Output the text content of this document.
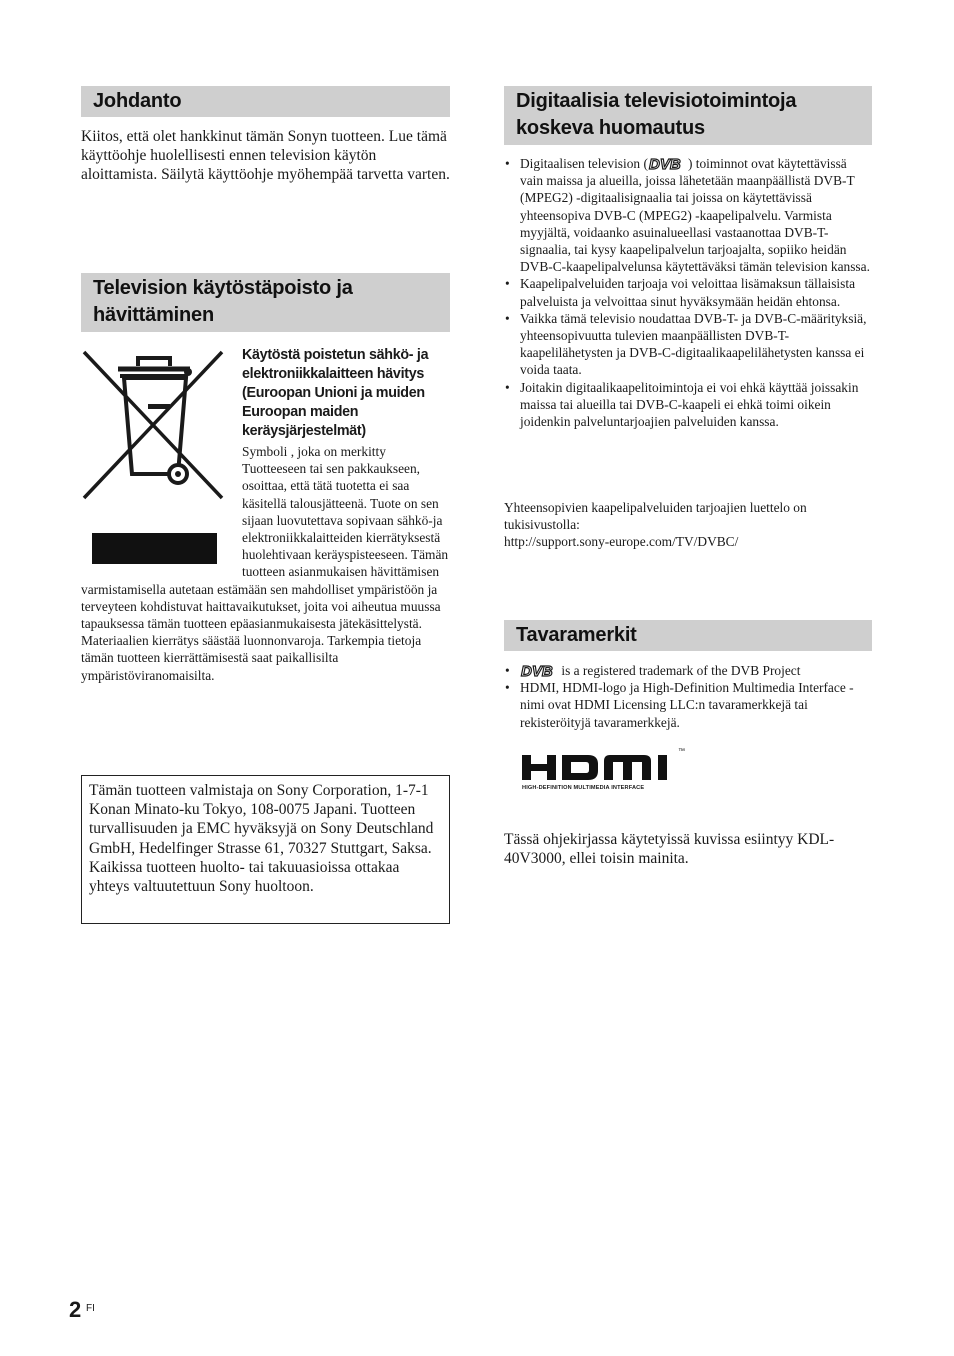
Johdanto
Kiitos, että olet hankkinut tämän Sonyn tuotteen. Lue tämä käyttöohje huolellisesti ennen television käytön aloittamista. Säilytä käyttöohje myöhempää tarvetta varten.
Television käytöstäpoisto ja
hävittäminen
Käytöstä poistetun sähkö- ja elektroniikkalaitteen hävitys (Euroopan Unioni ja muiden Euroopan maiden keräysjärjestelmät)
Symboli , joka on merkitty Tuotteeseen tai sen pakkaukseen, osoittaa, että tätä tuotetta ei saa käsitellä talousjätteenä. Tuote on sen sijaan luovutettava sopivaan sähkö-ja elektroniikkalaitteiden kierrätyksestä huolehtivaan keräyspisteeseen. Tämän tuotteen asianmukaisen hävittämisen varmistamisella autetaan estämään sen mahdolliset ympäristöön ja terveyteen kohdistuvat haittavaikutukset, joita voi aiheutua muussa tapauksessa tämän tuotteen epäasianmukaisesta jätekäsittelystä. Materiaalien kierrätys säästää luonnonvaroja. Tarkempia tietoja tämän tuotteen kierrättämisestä saat paikallisilta ympäristöviranomaisilta.
Tämän tuotteen valmistaja on Sony Corporation, 1-7-1 Konan Minato-ku Tokyo, 108-0075 Japani. Tuotteen turvallisuuden ja EMC hyväksyjä on Sony Deutschland GmbH, Hedelfinger Strasse 61, 70327 Stuttgart, Saksa. Kaikissa tuotteen huolto- tai takuuasioissa ottakaa yhteys valtuutettuun Sony huoltoon.
Digitaalisia televisiotoimintoja
koskeva huomautus
• Digitaalisen television ( DVB ) toiminnot ovat käytettävissä vain maissa ja alueilla, joissa lähetetään maanpäällistä DVB-T (MPEG2) -digitaalisignaalia tai joissa on käytettävissä yhteensopiva DVB-C (MPEG2) -kaapelipalvelu. Varmista myyjältä, voidaanko asuinalueellasi vastaanottaa DVB-T-signaalia, tai kysy kaapelipalvelun tarjoajalta, sopiiko heidän DVB-C-kaapelipalvelunsa käytettäväksi tämän television kanssa.
• Kaapelipalveluiden tarjoaja voi veloittaa lisämaksun tällaisista palveluista ja velvoittaa sinut hyväksymään heidän ehtonsa.
• Vaikka tämä televisio noudattaa DVB-T- ja DVB-C-määrityksiä, yhteensopivuutta tulevien maanpäällisten DVB-T-kaapelilähetysten ja DVB-C-digitaalikaapelilähetysten kanssa ei voida taata.
• Joitakin digitaalikaapelitoimintoja ei voi ehkä käyttää joissakin maissa tai alueilla tai DVB-C-kaapeli ei ehkä toimi oikein joidenkin palveluntarjoajien palveluiden kanssa.
Yhteensopivien kaapelipalveluiden tarjoajien luettelo on tukisivustolla:
http://support.sony-europe.com/TV/DVBC/
Tavaramerkit
• DVB is a registered trademark of the DVB Project
• HDMI, HDMI-logo ja High-Definition Multimedia Interface -nimi ovat HDMI Licensing LLC:n tavaramerkkejä tai rekisteröityjä tavaramerkkejä.
™
HIGH-DEFINITION MULTIMEDIA INTERFACE
Tässä ohjekirjassa käytetyissä kuvissa esiintyy KDL-40V3000, ellei toisin mainita.
2 FI
